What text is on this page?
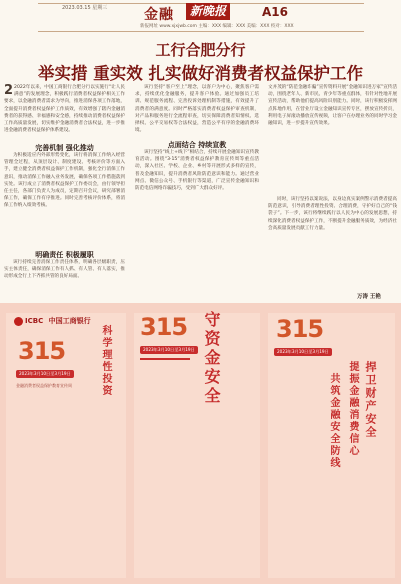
2023.03.15 星期三	金融	新晚报	A16
新报网址 www.xjxjwb.com 主编：XXX 编辑：XXX 美编：XXX 校对：XXX
工行合肥分行
举实措 重实效 扎实做好消费者权益保护工作

2 2022年以来，中国工商银行合肥分行以实施行“让人民满意”的发展理念，积极践行消费者权益保护相关工作要求，以金融消费者需求为导向，推进消保各项工作落地，全面提升消费者权益保护工作质效，有效增强了辖内金融消费者的获得感、幸福感和安全感，持续推动消费者权益保护工作高质量发展，切实维护金融消费者合法权益，进一步推进金融消费者权益保护体系建设。

完善机制 强化推动

为积极适应内外部形势变化，该行将消保工作纳入经营管理全过程，从顶层设计、制度建设、考核评价等方面入手，建立健全消费者权益保护工作机制，强化全行消保工作意识，推动消保工作融入业务发展，确保各项工作措施落到实处。该行成立了消费者权益保护工作委员会，由行领导担任主任，各部门负责人为成员，定期召开会议，研究部署消保工作，确保工作有序推进。同时完善考核评价体系，将消保工作纳入绩效考核。

明确责任 积极履职

该行持续完善消保工作责任体系，明确各层级职责，压实主体责任，确保消保工作有人抓、有人管、有人落实，推动形成全行上下齐抓共管的良好局面。

该行坚持“客户至上”理念，以客户为中心，聚焦客户需求，持续优化金融服务，提升客户体验。通过加强员工培训、规范服务流程、完善投诉处理机制等措施，有效提升了消费者的满意度。同时严格落实消费者权益保护审查机制，对产品和服务进行全流程审查，切实保障消费者知情权、选择权、公平交易权等合法权益，营造公平有序的金融消费环境。

点面结合 持续宣教

该行坚持“线上+线下”相结合，持续开展金融知识宣传教育活动。围绕“3·15”消费者权益保护教育宣传周等重点活动，深入社区、学校、企业、乡村等开展形式多样的宣传，普及金融知识，提升消费者风险防范意识和能力。通过营业网点、微信公众号、手机银行等渠道，广泛宣传金融知识和防范电信网络诈骗技巧，受到广大群众好评。

文并茂的“防范金融诈骗”宣传资料开展“金融知识进万家”宣传活动，围绕老年人、新市民、青少年等重点群体，有针对性地开展宣传活动，帮助他们提高风险识别能力。同时，该行积极发挥网点阵地作用，在营业厅设立金融知识宣传专区，摆放宣传折页，利用电子屏滚动播放宣传视频，让客户在办理业务的同时学习金融知识，进一步提升宣传效果。

同时，该行坚持以案说法，以身边真实案例警示消费者提高防范意识，引导消费者理性投资、合理消费，守护好自己的“钱袋子”。下一步，该行将继续践行以人民为中心的发展思想，持续深化消费者权益保护工作，不断提升金融服务质效，为经济社会高质量发展贡献工行力量。

万涛 王艳
ICBC 中国工商银行
315
2023年3月10日至3月19日	科学理性投资
金融消费者权益保护教育宣传周
315
2023年3月10日至3月19日 守资金安全 315
2023年3月10日至3月19日
捍卫财产安全
提振金融消费信心
共筑金融安全防线
